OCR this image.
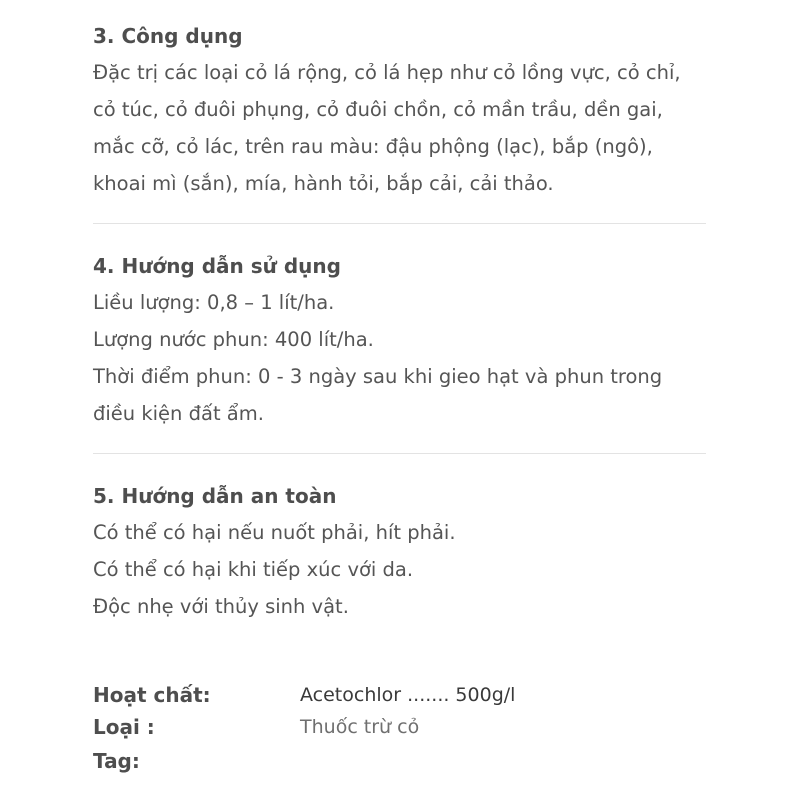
3. Công dụng
Đặc trị các loại cỏ lá rộng, cỏ lá hẹp như cỏ lồng vực, cỏ chỉ,
cỏ túc, cỏ đuôi phụng, cỏ đuôi chồn, cỏ mần trầu, dền gai,
mắc cỡ, cỏ lác, trên rau màu: đậu phộng (lạc), bắp (ngô),
khoai mì (sắn), mía, hành tỏi, bắp cải, cải thảo.
4. Hướng dẫn sử dụng
Liều lượng: 0,8 – 1 lít/ha.
Lượng nước phun: 400 lít/ha.
Thời điểm phun: 0 - 3 ngày sau khi gieo hạt và phun trong
điều kiện đất ẩm.
5. Hướng dẫn an toàn
Có thể có hại nếu nuốt phải, hít phải.
Có thể có hại khi tiếp xúc với da.
Độc nhẹ với thủy sinh vật.
Hoạt chất:	Acetochlor ....... 500g/l
Loại :	Thuốc trừ cỏ
Tag:
